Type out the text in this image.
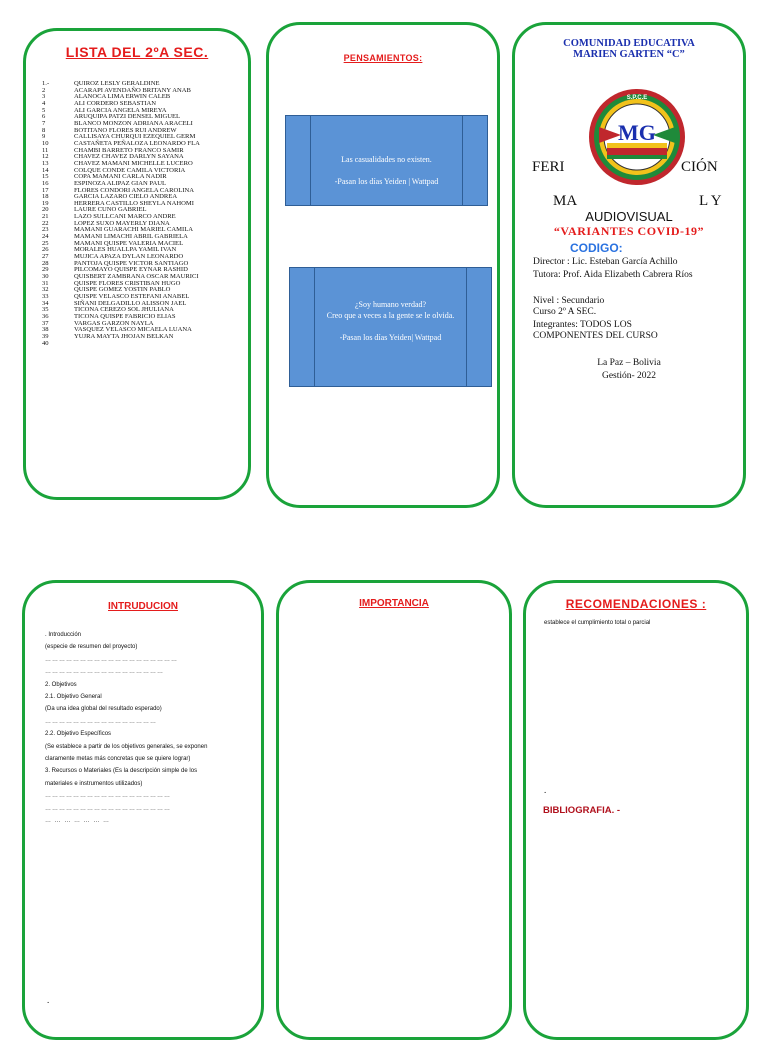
LISTA DEL 2ºA SEC.
1.-	QUIROZ LESLY GERALDINE
2	ACARAPI AVENDAÑO BRITANY ANAB
3	ALANOCA LIMA ERWIN CALEB
4	ALI CORDERO SEBASTIAN
5	ALI GARCIA ANGELA MIREYA
6	ARUQUIPA PATZI DENSEL MIGUEL
7	BLANCO MONZON ADRIANA ARACELI
8	BOTITANO FLORES RUI ANDREW
9	CALLISAYA CHURQUI EZEQUIEL GERM
10	CASTAÑETA PEÑALOZA LEONARDO FLA
11	CHAMBI BARRETO FRANCO SAMIR
12	CHAVEZ CHAVEZ DARLYN SAYANA
13	CHAVEZ MAMANI MICHELLE LUCERO
14	COLQUE CONDE CAMILA VICTORIA
15	COPA MAMANI CARLA NADIR
16	ESPINOZA ALIPAZ GIAN PAUL
17	FLORES CONDORI ANGELA CAROLINA
18	GARCIA LAZARO CIELO ANDREA
19	HERRERA CASTILLO SHEYLA NAHOMI
20	LAURE CUNO GABRIEL
21	LAZO SULLCANI MARCO ANDRE
22	LOPEZ SUXO MAYERLY DIANA
23	MAMANI GUARACHI MARIEL CAMILA
24	MAMANI LIMACHI ABRIL GABRIELA
25	MAMANI QUISPE VALERIA MACIEL
26	MORALES HUALLPA YAMIL IVAN
27	MUJICA APAZA DYLAN LEONARDO
28	PANTOJA QUISPE VICTOR SANTIAGO
29	PILCOMAYO QUISPE EYNAR RASHID
30	QUISBERT ZAMBRANA OSCAR MAURICI
31	QUISPE FLORES CRISTIBAN HUGO
32	QUISPE GOMEZ YOSTIN PABLO
33	QUISPE VELASCO ESTEFANI ANABEL
34	SIÑANI DELGADILLO ALISSON JAEL
35	TICONA CEREZO SOL JHULIANA
36	TICONA QUISPE FABRICIO ELIAS
37	VARGAS GARZON NAYLA
38	VASQUEZ VELASCO MICAELA LUANA
39	YUJRA MAYTA JHOJAN BELKAN
40
PENSAMIENTOS:
Las casualidades no existen.
-Pasan los días Yeiden | Wattpad
¿Soy humano verdad?
Creo que a veces a la gente se le olvida.
-Pasan los días Yeiden| Wattpad
COMUNIDAD EDUCATIVA
MARIEN GARTEN “C”
FERI	CIÓN
MA	L Y
S.P.C.E
MG
AUDIOVISUAL
“VARIANTES COVID-19”
CODIGO:
Director : Lic. Esteban García Achillo
Tutora: Prof. Aida Elizabeth Cabrera Ríos
Nivel : Secundario
Curso 2º A SEC.
Integrantes: TODOS LOS
COMPONENTES DEL CURSO
La Paz – Bolivia
Gestión- 2022
INTRUDUCION
. Introducción
(especie de resumen del proyecto)
…………………………………………………
……………………………………………
2. Objetivos
2.1. Objetivo General
(Da una idea global del resultado esperado)
…………………………………………
2.2. Objetivo Específicos
(Se establece a partir de los objetivos generales, se exponen
claramente metas más concretas que se quiere lograr)
3. Recursos o Materiales (Es la descripción simple de los
materiales e instrumentos utilizados)
………………………………………………
………………………………………………
… … … … … … …
.
IMPORTANCIA	RECOMENDACIONES :
establece el cumplimiento total o parcial
.
BIBLIOGRAFIA. -
